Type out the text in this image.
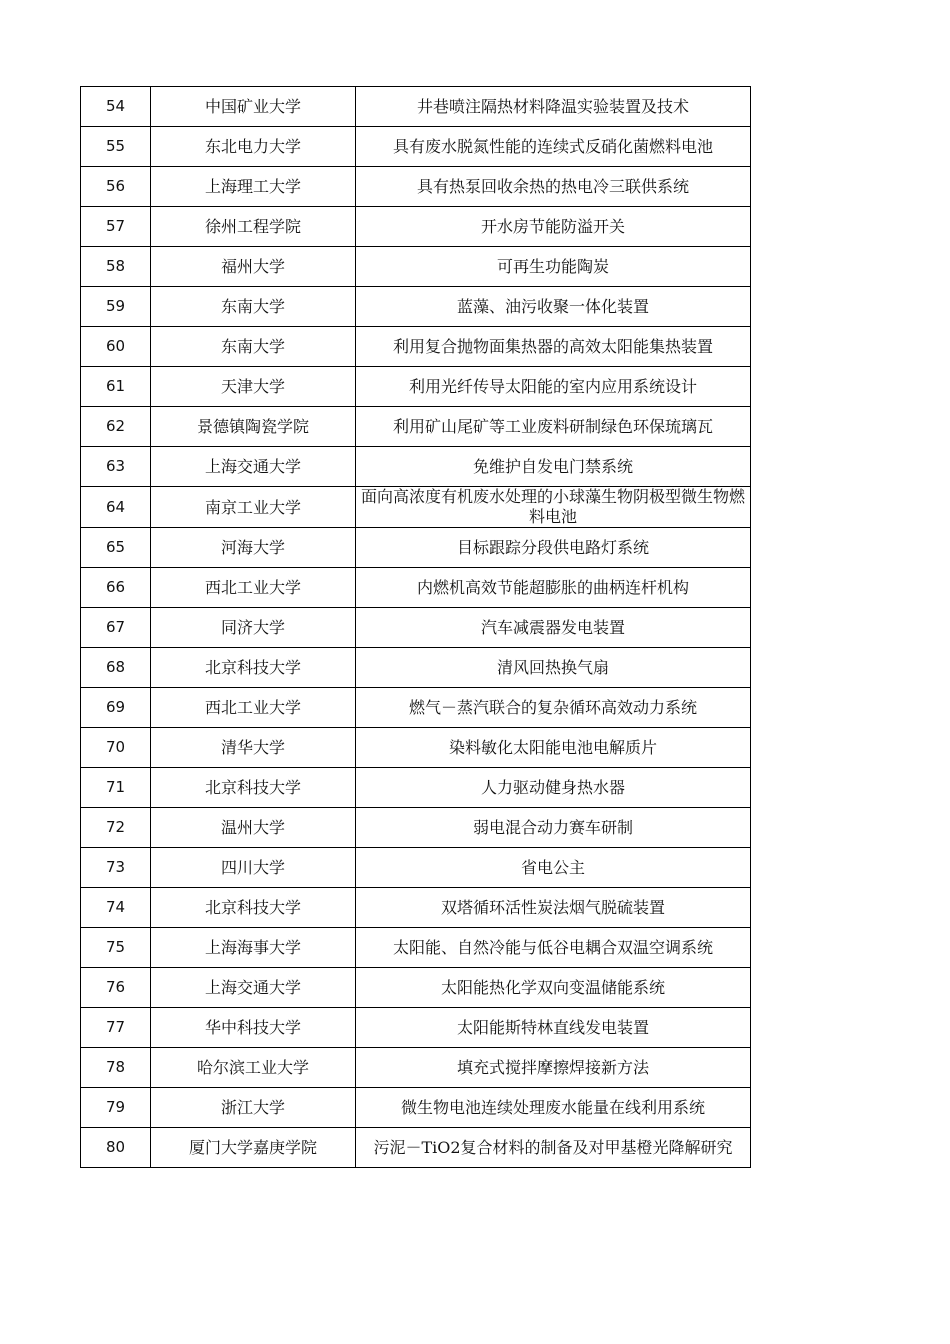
54	中国矿业大学	井巷喷注隔热材料降温实验装置及技术
55	东北电力大学	具有废水脱氮性能的连续式反硝化菌燃料电池
56	上海理工大学	具有热泵回收余热的热电冷三联供系统
57	徐州工程学院	开水房节能防溢开关
58	福州大学	可再生功能陶炭
59	东南大学	蓝藻、油污收聚一体化装置
60	东南大学	利用复合抛物面集热器的高效太阳能集热装置
61	天津大学	利用光纤传导太阳能的室内应用系统设计
62	景德镇陶瓷学院	利用矿山尾矿等工业废料研制绿色环保琉璃瓦
63	上海交通大学	免维护自发电门禁系统
64	南京工业大学	面向高浓度有机废水处理的小球藻生物阴极型微生物燃料电池
65	河海大学	目标跟踪分段供电路灯系统
66	西北工业大学	内燃机高效节能超膨胀的曲柄连杆机构
67	同济大学	汽车减震器发电装置
68	北京科技大学	清风回热换气扇
69	西北工业大学	燃气－蒸汽联合的复杂循环高效动力系统
70	清华大学	染料敏化太阳能电池电解质片
71	北京科技大学	人力驱动健身热水器
72	温州大学	弱电混合动力赛车研制
73	四川大学	省电公主
74	北京科技大学	双塔循环活性炭法烟气脱硫装置
75	上海海事大学	太阳能、自然冷能与低谷电耦合双温空调系统
76	上海交通大学	太阳能热化学双向变温储能系统
77	华中科技大学	太阳能斯特林直线发电装置
78	哈尔滨工业大学	填充式搅拌摩擦焊接新方法
79	浙江大学	微生物电池连续处理废水能量在线利用系统
80	厦门大学嘉庚学院	污泥－TiO2复合材料的制备及对甲基橙光降解研究
